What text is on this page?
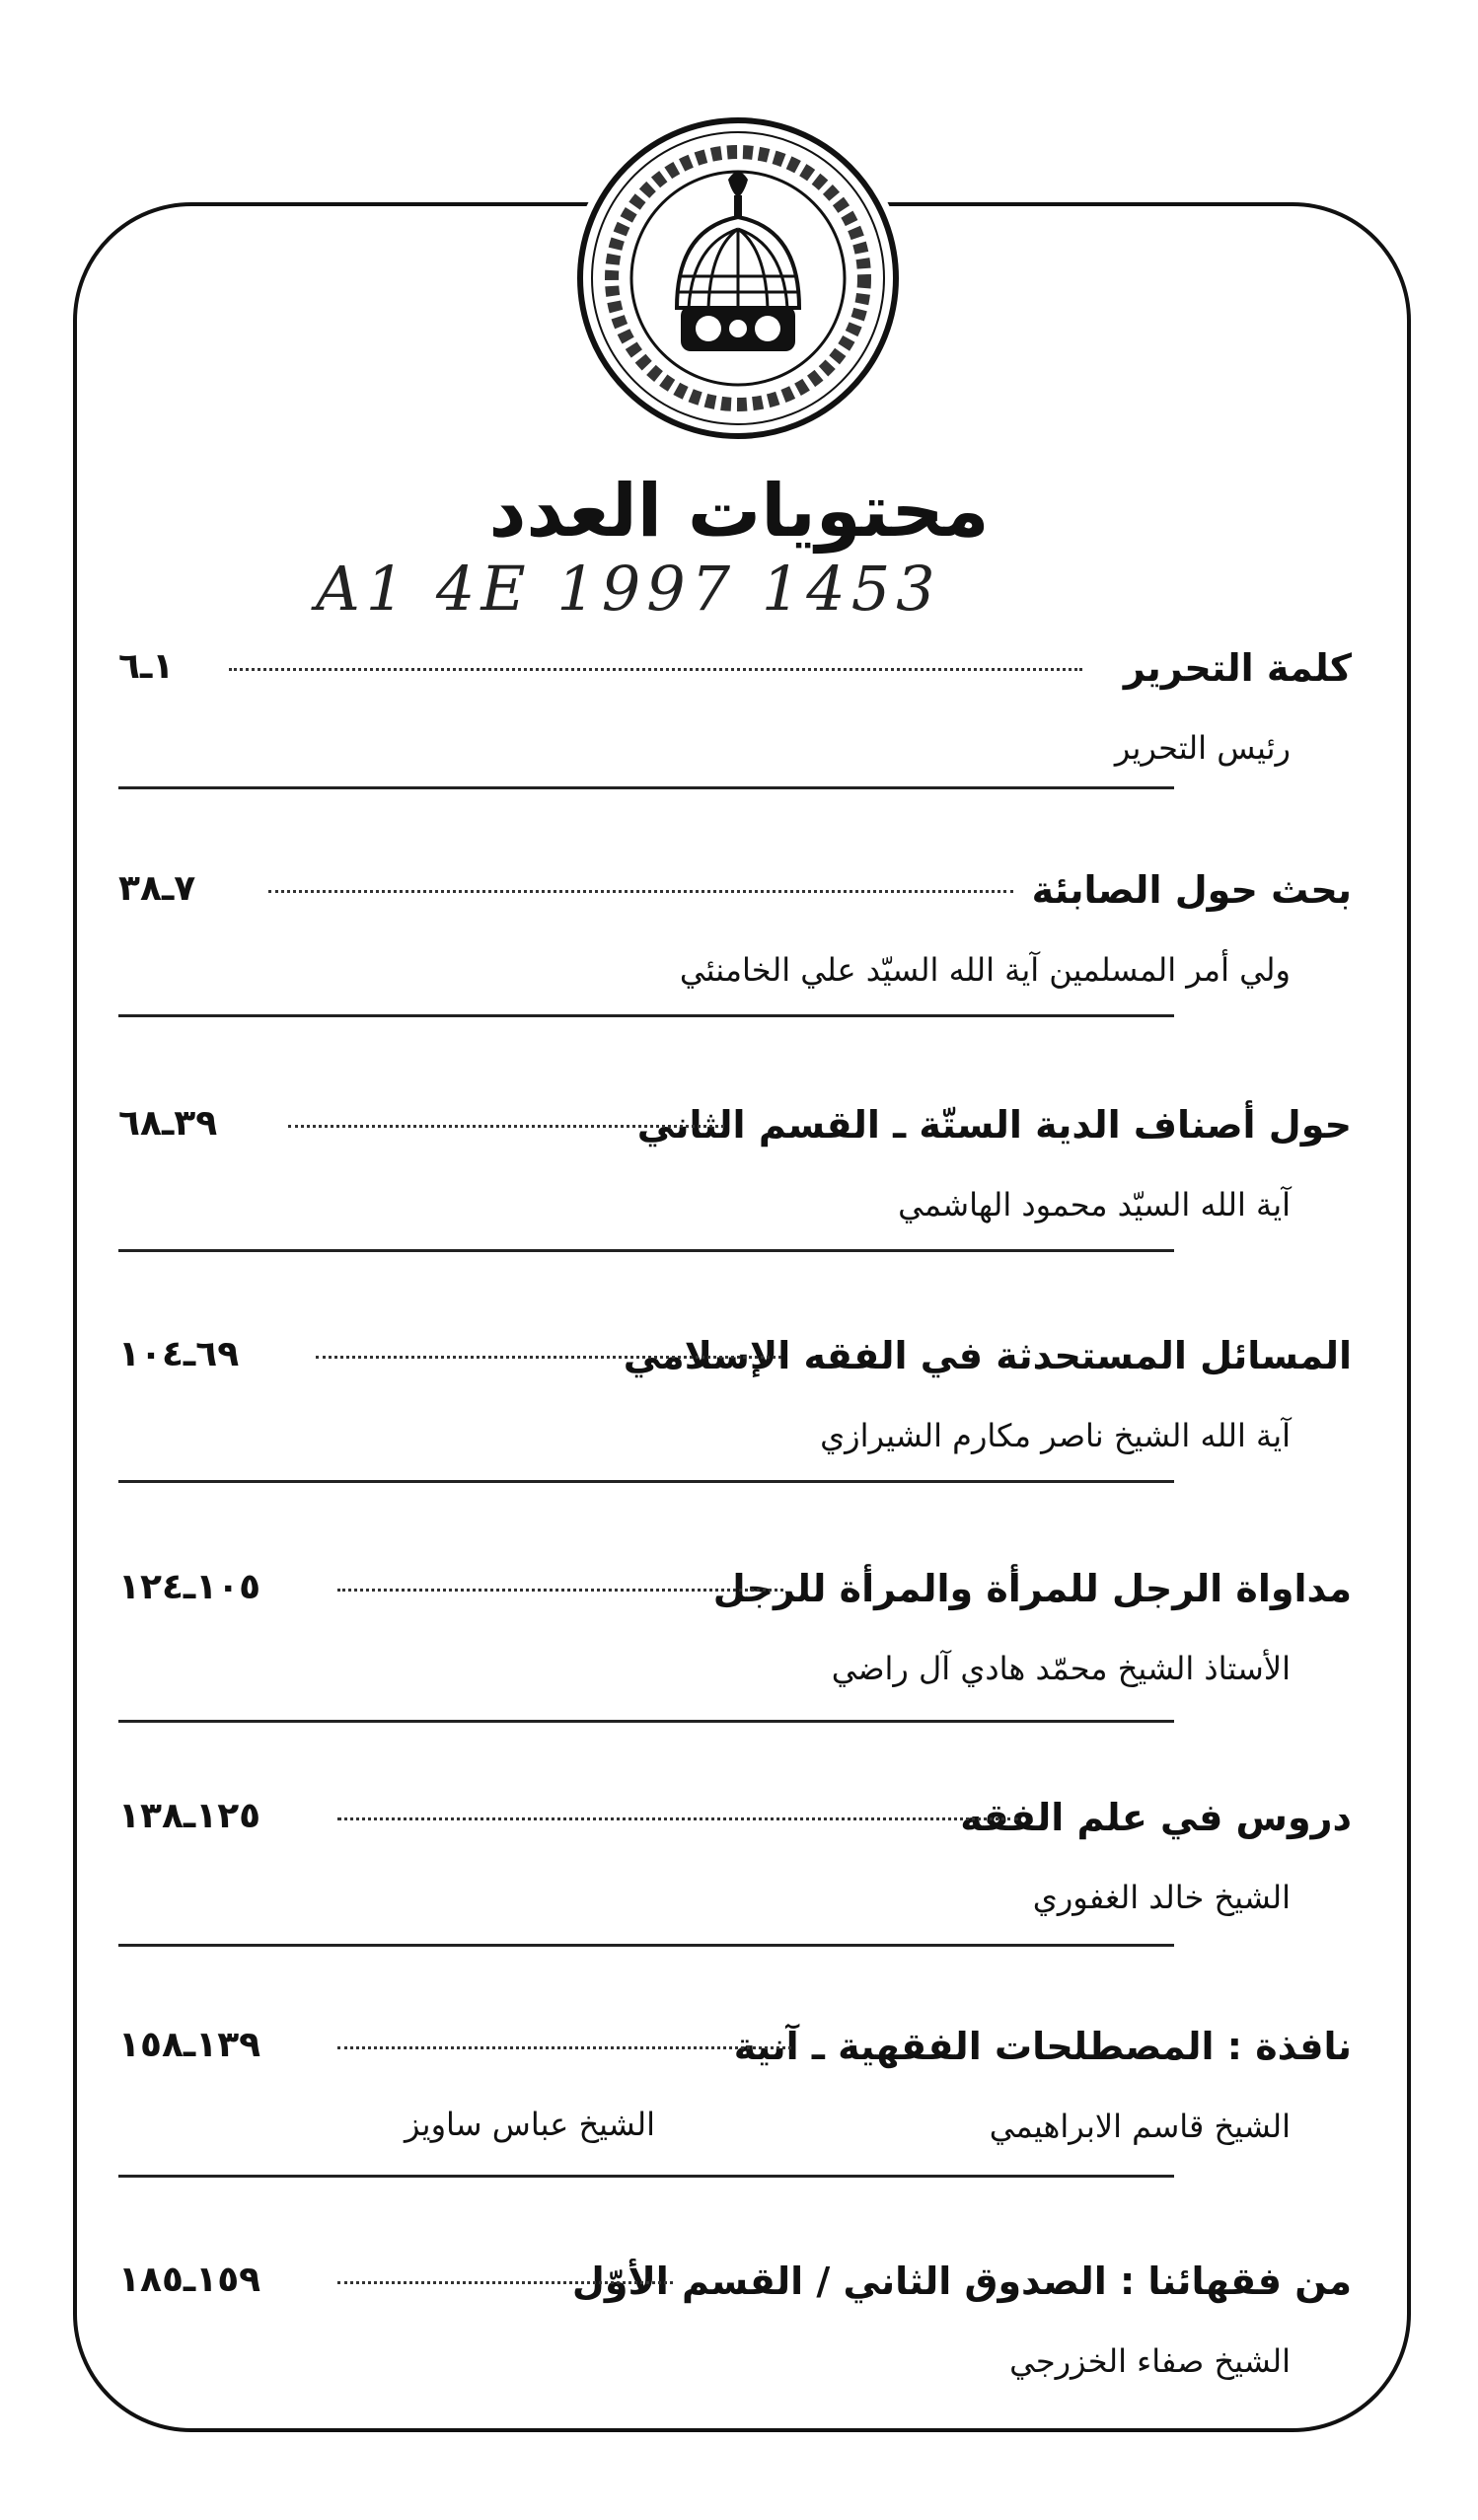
محتويات العدد
A1 4E 1997 1453
كلمة التحرير
١ـ٦
رئيس التحرير
بحث حول الصابئة
٧ـ٣٨
ولي أمر المسلمين آية الله السيّد علي الخامنئي
حول أصناف الدية الستّة ـ القسم الثاني
٣٩ـ٦٨
آية الله السيّد محمود الهاشمي
المسائل المستحدثة في الفقه الإسلامي
٦٩ـ١٠٤
آية الله الشيخ ناصر مكارم الشيرازي
مداواة الرجل للمرأة والمرأة للرجل
١٠٥ـ١٢٤
الأستاذ الشيخ محمّد هادي آل راضي
دروس في علم الفقه
١٢٥ـ١٣٨
الشيخ خالد الغفوري
نافذة : المصطلحات الفقهية ـ آنية
١٣٩ـ١٥٨
الشيخ قاسم الابراهيمي
الشيخ عباس ساويز
من فقهائنا : الصدوق الثاني / القسم الأوّل
١٥٩ـ١٨٥
الشيخ صفاء الخزرجي
